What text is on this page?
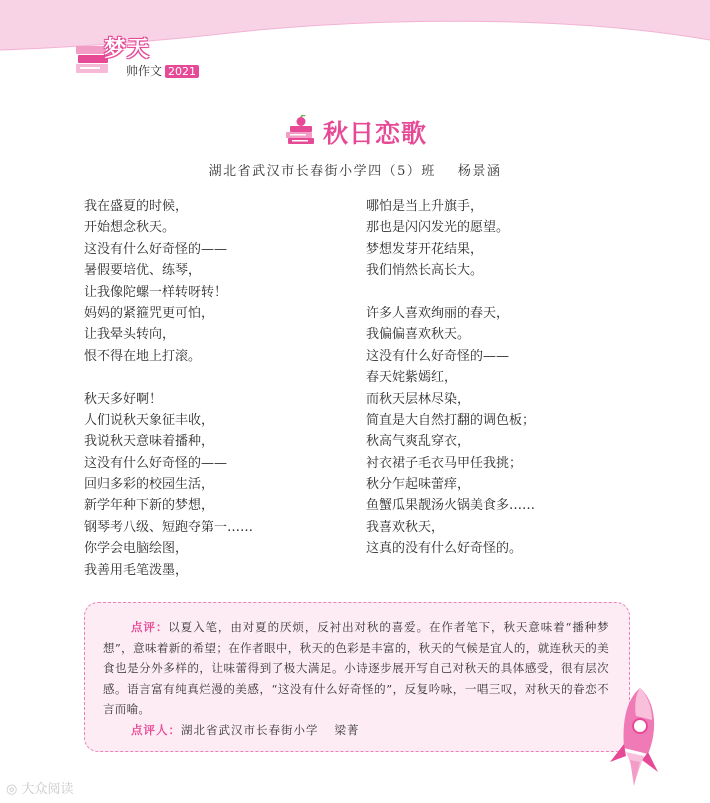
梦天
帅作文 2021
秋日恋歌
湖北省武汉市长春街小学四（5）班 杨景涵
我在盛夏的时候，
开始想念秋天。
这没有什么好奇怪的——
暑假要培优、练琴，
让我像陀螺一样转呀转！
妈妈的紧箍咒更可怕，
让我晕头转向，
恨不得在地上打滚。
秋天多好啊！
人们说秋天象征丰收，
我说秋天意味着播种，
这没有什么好奇怪的——
回归多彩的校园生活，
新学年种下新的梦想，
钢琴考八级、短跑夺第一……
你学会电脑绘图，
我善用毛笔泼墨，
哪怕是当上升旗手，
那也是闪闪发光的愿望。
梦想发芽开花结果，
我们悄然长高长大。
许多人喜欢绚丽的春天，
我偏偏喜欢秋天。
这没有什么好奇怪的——
春天姹紫嫣红，
而秋天层林尽染，
简直是大自然打翻的调色板；
秋高气爽乱穿衣，
衬衣裙子毛衣马甲任我挑；
秋分乍起味蕾痒，
鱼蟹瓜果靓汤火锅美食多……
我喜欢秋天，
这真的没有什么好奇怪的。

点评：以夏入笔，由对夏的厌烦，反衬出对秋的喜爱。在作者笔下，秋天意味着“播种梦想”，意味着新的希望；在作者眼中，秋天的色彩是丰富的，秋天的气候是宜人的，就连秋天的美食也是分外多样的，让味蕾得到了极大满足。小诗逐步展开写自己对秋天的具体感受，很有层次感。语言富有纯真烂漫的美感，“这没有什么好奇怪的”，反复吟咏，一唱三叹，对秋天的眷恋不言而喻。

点评人：湖北省武汉市长春街小学 梁菁
◎ 大众阅读
